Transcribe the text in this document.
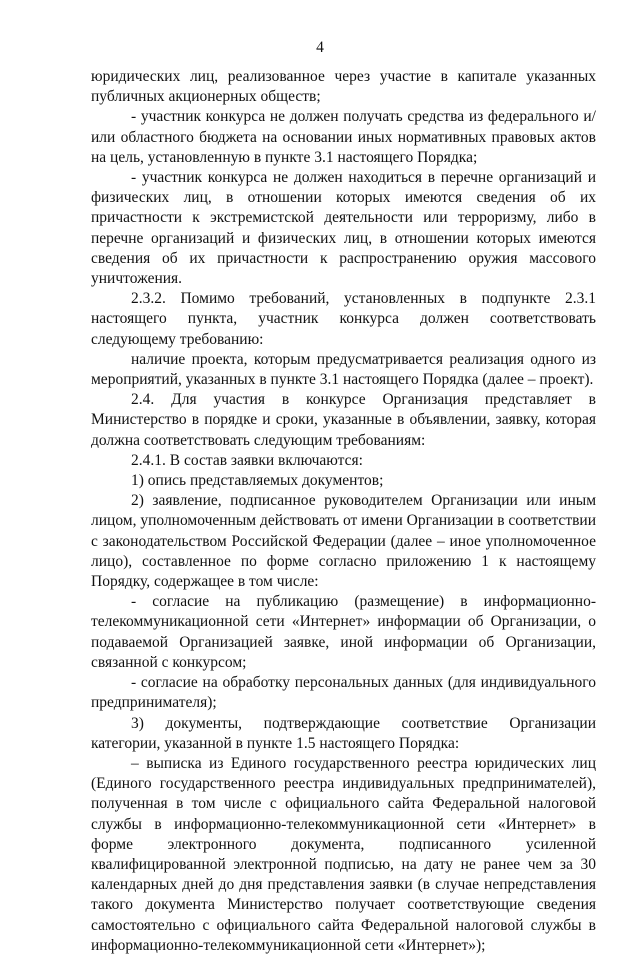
4

юридических лиц, реализованное через участие в капитале указанных публичных акционерных обществ;

- участник конкурса не должен получать средства из федерального и/или областного бюджета на основании иных нормативных правовых актов на цель, установленную в пункте 3.1 настоящего Порядка;

- участник конкурса не должен находиться в перечне организаций и физических лиц, в отношении которых имеются сведения об их причастности к экстремистской деятельности или терроризму, либо в перечне организаций и физических лиц, в отношении которых имеются сведения об их причастности к распространению оружия массового уничтожения.

2.3.2. Помимо требований, установленных в подпункте 2.3.1 настоящего пункта, участник конкурса должен соответствовать следующему требованию:

наличие проекта, которым предусматривается реализация одного из мероприятий, указанных в пункте 3.1 настоящего Порядка (далее – проект).

2.4. Для участия в конкурсе Организация представляет в Министерство в порядке и сроки, указанные в объявлении, заявку, которая должна соответствовать следующим требованиям:

2.4.1. В состав заявки включаются:

1) опись представляемых документов;

2) заявление, подписанное руководителем Организации или иным лицом, уполномоченным действовать от имени Организации в соответствии с законодательством Российской Федерации (далее – иное уполномоченное лицо), составленное по форме согласно приложению 1 к настоящему Порядку, содержащее в том числе:

- согласие на публикацию (размещение) в информационно-телекоммуникационной сети «Интернет» информации об Организации, о подаваемой Организацией заявке, иной информации об Организации, связанной с конкурсом;

- согласие на обработку персональных данных (для индивидуального предпринимателя);

3) документы, подтверждающие соответствие Организации категории, указанной в пункте 1.5 настоящего Порядка:

– выписка из Единого государственного реестра юридических лиц (Единого государственного реестра индивидуальных предпринимателей), полученная в том числе с официального сайта Федеральной налоговой службы в информационно-телекоммуникационной сети «Интернет» в форме электронного документа, подписанного усиленной квалифицированной электронной подписью, на дату не ранее чем за 30 календарных дней до дня представления заявки (в случае непредставления такого документа Министерство получает соответствующие сведения самостоятельно с официального сайта Федеральной налоговой службы в информационно-телекоммуникационной сети «Интернет»);
